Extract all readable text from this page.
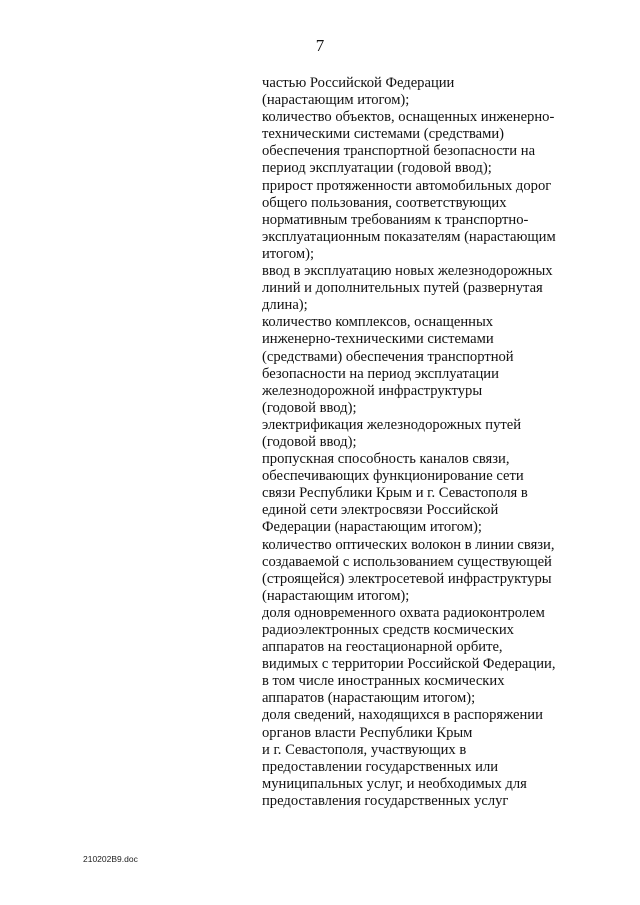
7
частью Российской Федерации
(нарастающим итогом);
количество объектов, оснащенных инженерно-
техническими системами (средствами)
обеспечения транспортной безопасности на
период эксплуатации (годовой ввод);
прирост протяженности автомобильных дорог
общего пользования, соответствующих
нормативным требованиям к транспортно-
эксплуатационным показателям (нарастающим
итогом);
ввод в эксплуатацию новых железнодорожных
линий и дополнительных путей (развернутая
длина);
количество комплексов, оснащенных
инженерно-техническими системами
(средствами) обеспечения транспортной
безопасности на период эксплуатации
железнодорожной инфраструктуры
(годовой ввод);
электрификация железнодорожных путей
(годовой ввод);
пропускная способность каналов связи,
обеспечивающих функционирование сети
связи Республики Крым и г. Севастополя в
единой сети электросвязи Российской
Федерации (нарастающим итогом);
количество оптических волокон в линии связи,
создаваемой с использованием существующей
(строящейся) электросетевой инфраструктуры
(нарастающим итогом);
доля одновременного охвата радиоконтролем
радиоэлектронных средств космических
аппаратов на геостационарной орбите,
видимых с территории Российской Федерации,
в том числе иностранных космических
аппаратов (нарастающим итогом);
доля сведений, находящихся в распоряжении
органов власти Республики Крым
и г. Севастополя, участвующих в
предоставлении государственных или
муниципальных услуг, и необходимых для
предоставления государственных услуг
210202B9.doc
